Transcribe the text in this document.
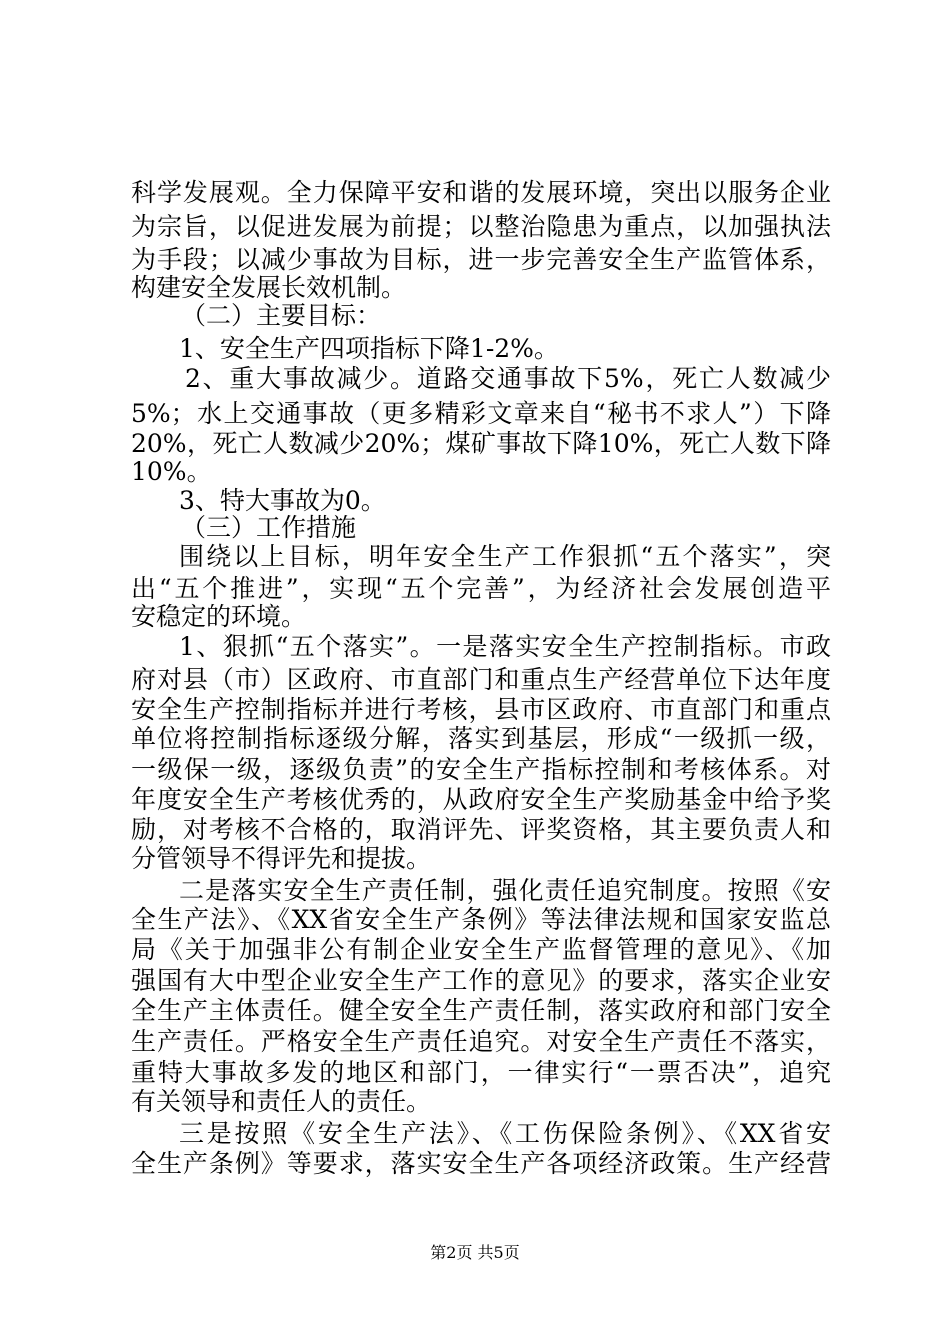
科学发展观。全力保障平安和谐的发展环境，突出以服务企业
为宗旨，以促进发展为前提；以整治隐患为重点，以加强执法
为手段；以减少事故为目标，进一步完善安全生产监管体系，
构建安全发展长效机制。
（二）主要目标：
1、安全生产四项指标下降1-2%。
2、重大事故减少。道路交通事故下5%，死亡人数减少
5%；水上交通事故（更多精彩文章来自“秘书不求人”）下降
20%，死亡人数减少20%；煤矿事故下降10%，死亡人数下降
10%。
3、特大事故为0。
（三）工作措施
围绕以上目标，明年安全生产工作狠抓“五个落实”，突
出“五个推进”，实现“五个完善”，为经济社会发展创造平
安稳定的环境。
1、狠抓“五个落实”。一是落实安全生产控制指标。市政
府对县（市）区政府、市直部门和重点生产经营单位下达年度
安全生产控制指标并进行考核，县市区政府、市直部门和重点
单位将控制指标逐级分解，落实到基层，形成“一级抓一级，
一级保一级，逐级负责”的安全生产指标控制和考核体系。对
年度安全生产考核优秀的，从政府安全生产奖励基金中给予奖
励，对考核不合格的，取消评先、评奖资格，其主要负责人和
分管领导不得评先和提拔。
二是落实安全生产责任制，强化责任追究制度。按照《安
全生产法》、《XX省安全生产条例》等法律法规和国家安监总
局《关于加强非公有制企业安全生产监督管理的意见》、《加
强国有大中型企业安全生产工作的意见》的要求，落实企业安
全生产主体责任。健全安全生产责任制，落实政府和部门安全
生产责任。严格安全生产责任追究。对安全生产责任不落实，
重特大事故多发的地区和部门，一律实行“一票否决”，追究
有关领导和责任人的责任。
三是按照《安全生产法》、《工伤保险条例》、《XX省安
全生产条例》等要求，落实安全生产各项经济政策。生产经营
第2页 共5页
